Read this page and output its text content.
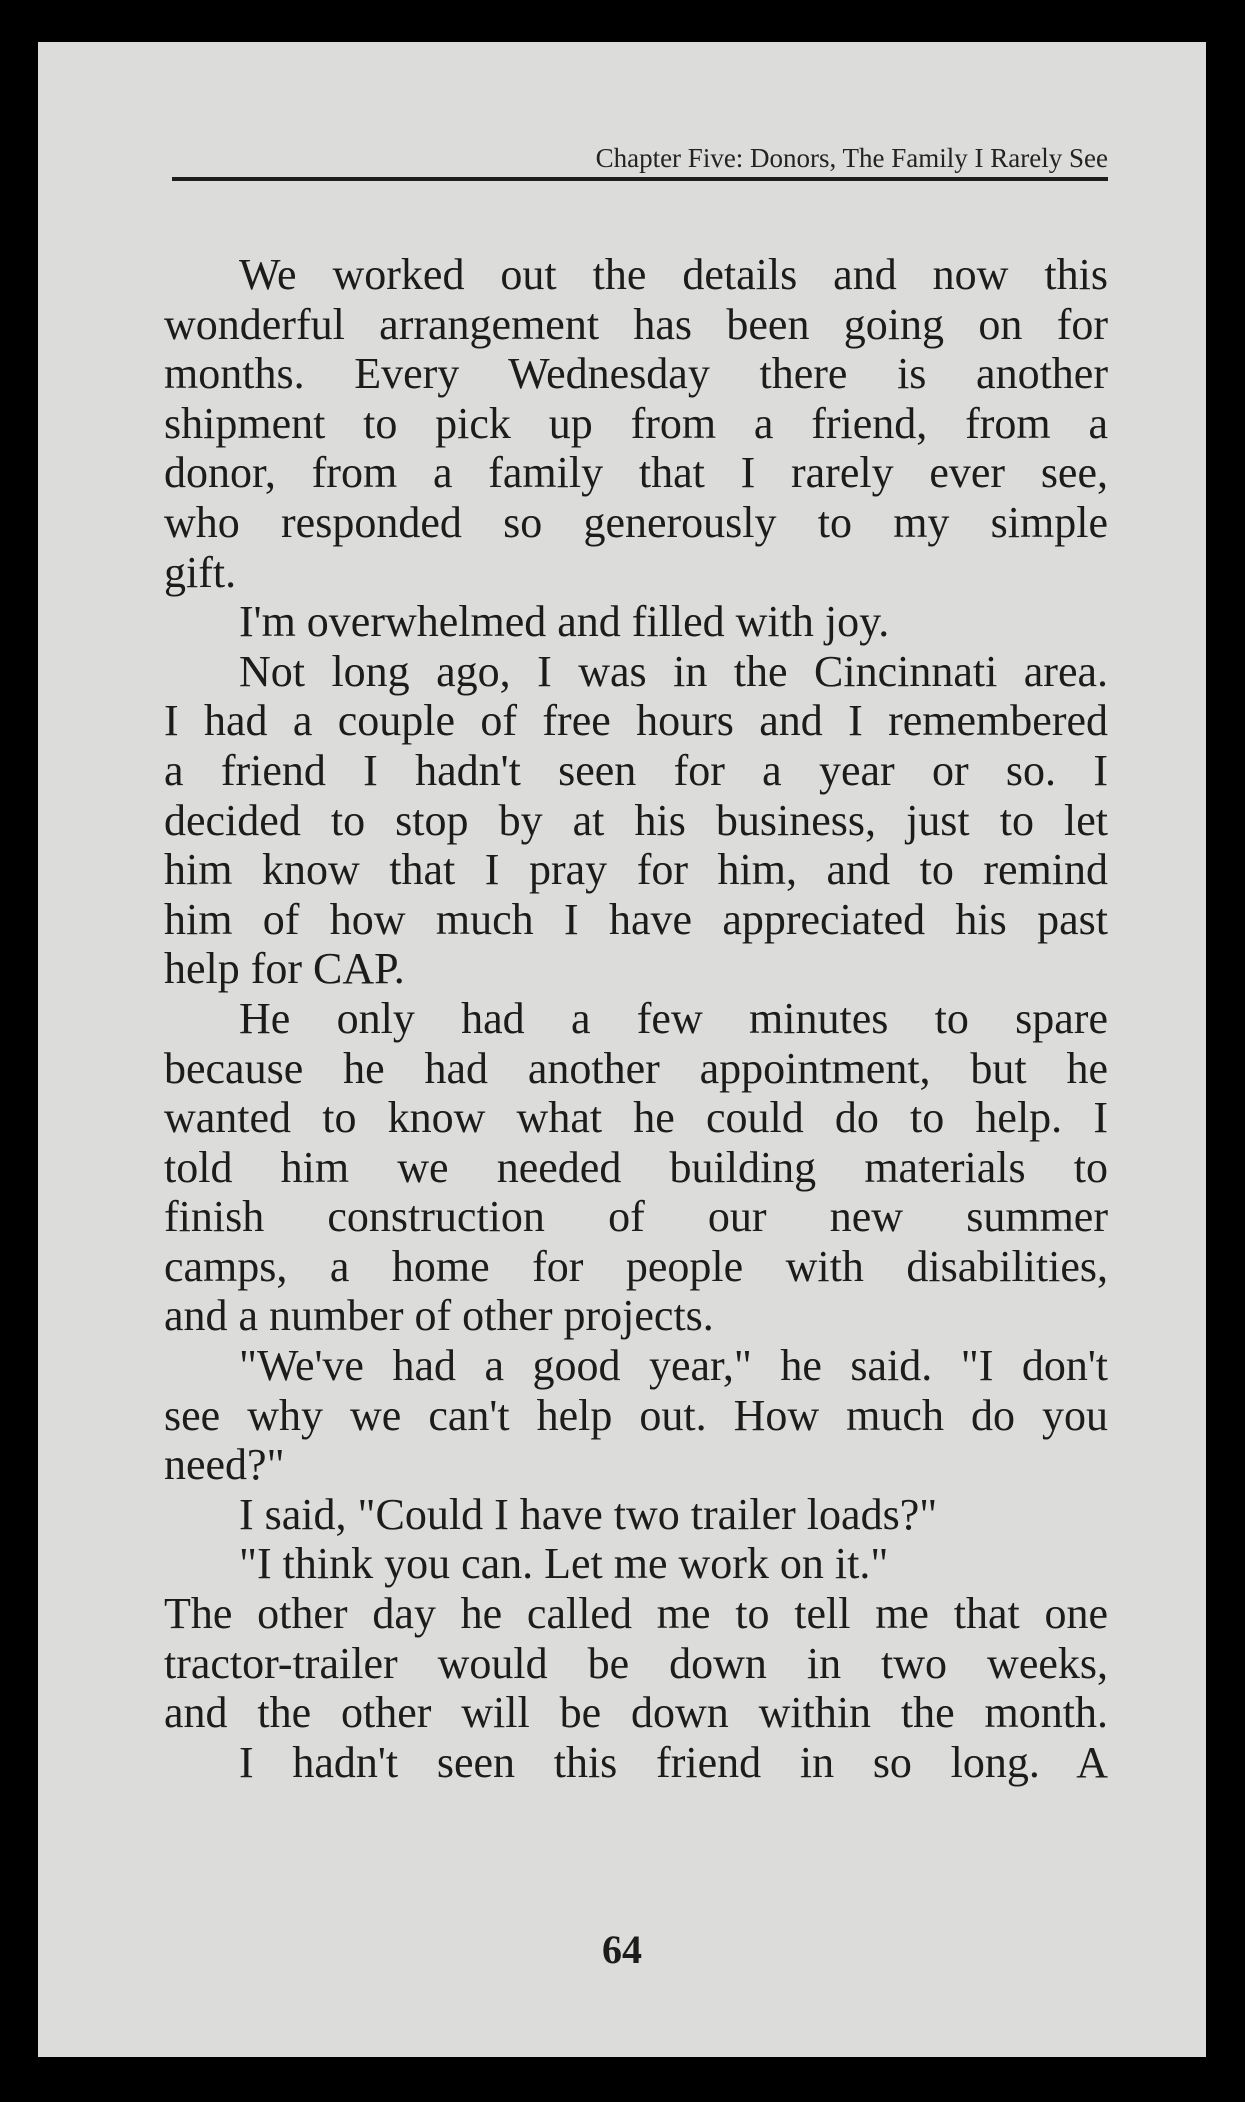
Chapter Five: Donors, The Family I Rarely See
We worked out the details and now this
wonderful arrangement has been going on for
months. Every Wednesday there is another
shipment to pick up from a friend, from a
donor, from a family that I rarely ever see,
who responded so generously to my simple
gift.
I'm overwhelmed and filled with joy.
Not long ago, I was in the Cincinnati area.
I had a couple of free hours and I remembered
a friend I hadn't seen for a year or so. I
decided to stop by at his business, just to let
him know that I pray for him, and to remind
him of how much I have appreciated his past
help for CAP.
He only had a few minutes to spare
because he had another appointment, but he
wanted to know what he could do to help. I
told him we needed building materials to
finish construction of our new summer
camps, a home for people with disabilities,
and a number of other projects.
"We've had a good year," he said. "I don't
see why we can't help out. How much do you
need?"
I said, "Could I have two trailer loads?"
"I think you can. Let me work on it."
The other day he called me to tell me that one
tractor-trailer would be down in two weeks,
and the other will be down within the month.
I hadn't seen this friend in so long. A
64
